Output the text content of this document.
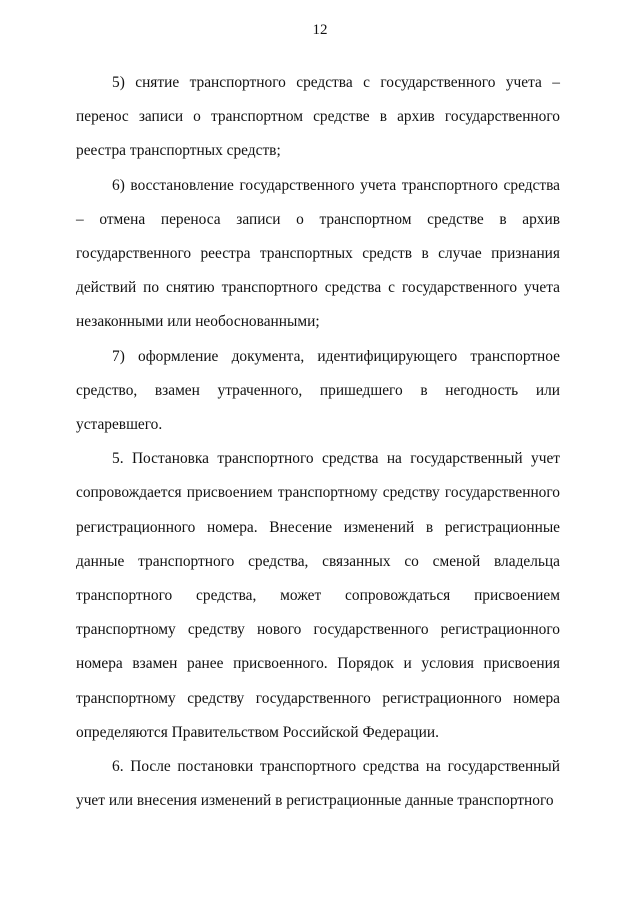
12

5) снятие транспортного средства с государственного учета – перенос записи о транспортном средстве в архив государственного реестра транспортных средств;

6) восстановление государственного учета транспортного средства – отмена переноса записи о транспортном средстве в архив государственного реестра транспортных средств в случае признания действий по снятию транспортного средства с государственного учета незаконными или необоснованными;

7) оформление документа, идентифицирующего транспортное средство, взамен утраченного, пришедшего в негодность или устаревшего.

5. Постановка транспортного средства на государственный учет сопровождается присвоением транспортному средству государственного регистрационного номера. Внесение изменений в регистрационные данные транспортного средства, связанных со сменой владельца транспортного средства, может сопровождаться присвоением транспортному средству нового государственного регистрационного номера взамен ранее присвоенного. Порядок и условия присвоения транспортному средству государственного регистрационного номера определяются Правительством Российской Федерации.

6. После постановки транспортного средства на государственный учет или внесения изменений в регистрационные данные транспортного
